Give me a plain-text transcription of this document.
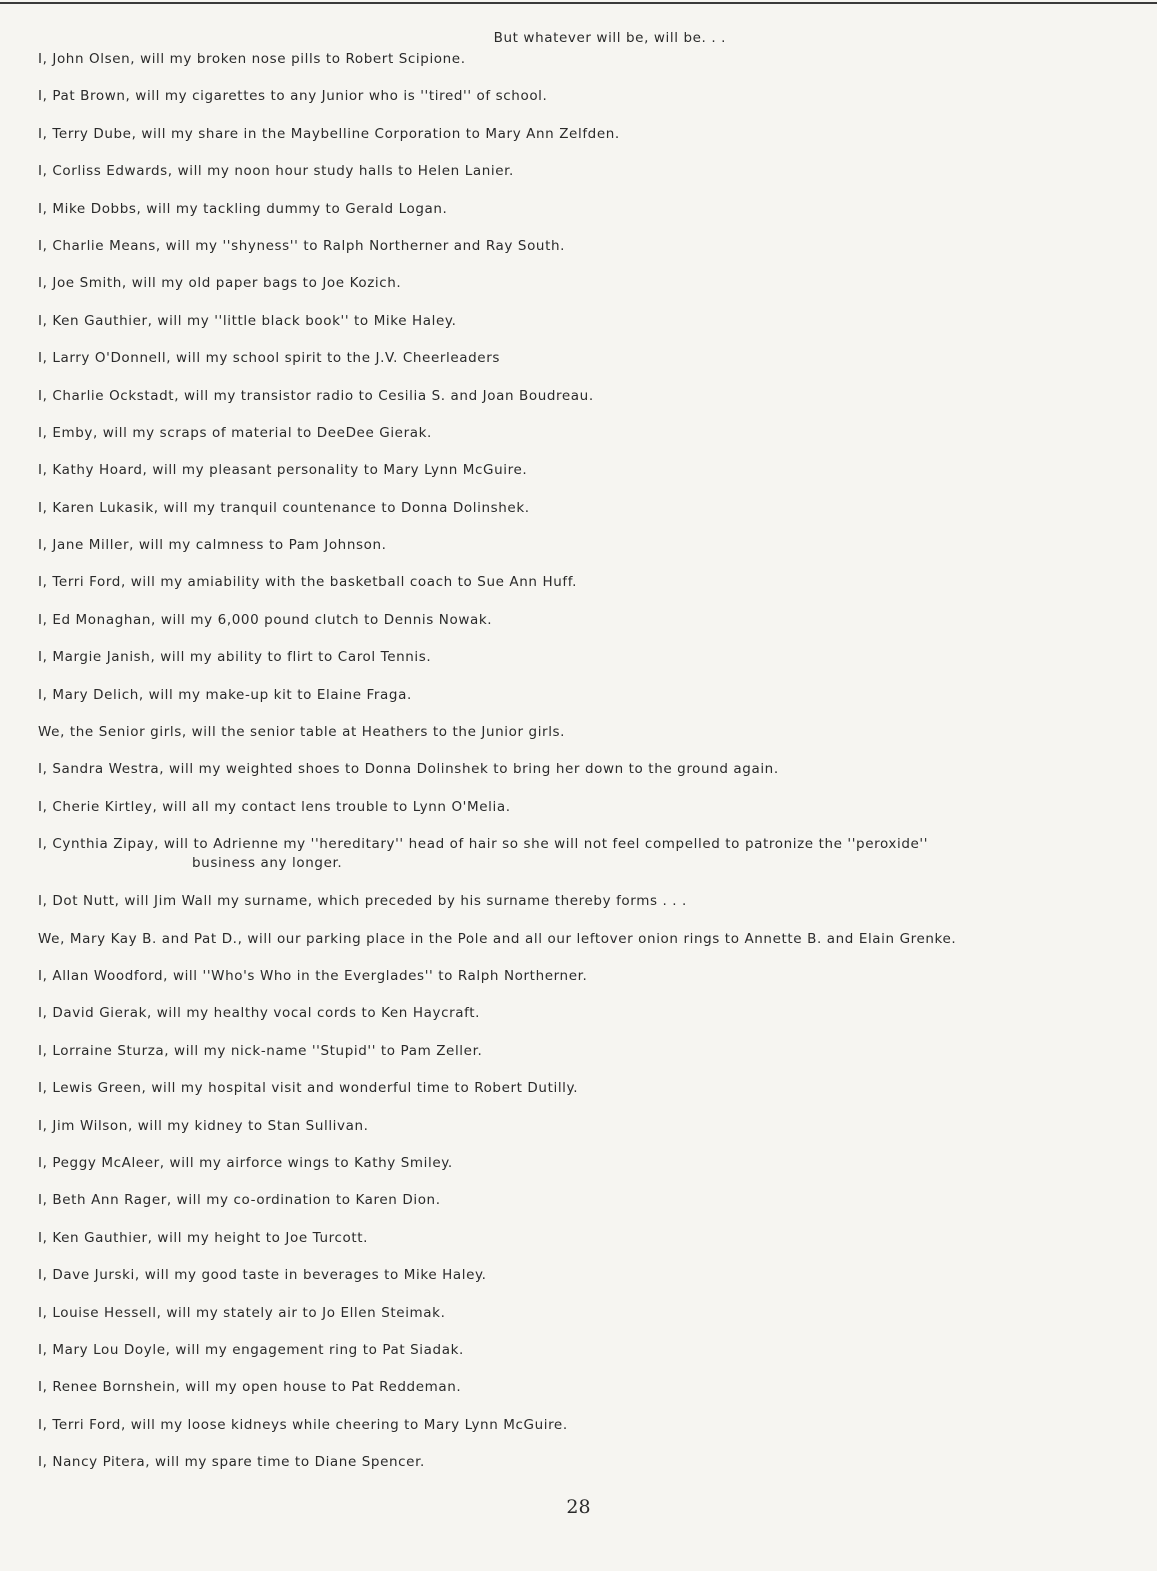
But whatever will be, will be. . .
I, John Olsen, will my broken nose pills to Robert Scipione.
I, Pat Brown, will my cigarettes to any Junior who is ''tired'' of school.
I, Terry Dube, will my share in the Maybelline Corporation to Mary Ann Zelfden.
I, Corliss Edwards, will my noon hour study halls to Helen Lanier.
I, Mike Dobbs, will my tackling dummy to Gerald Logan.
I, Charlie Means, will my ''shyness'' to Ralph Northerner and Ray South.
I, Joe Smith, will my old paper bags to Joe Kozich.
I, Ken Gauthier, will my ''little black book'' to Mike Haley.
I, Larry O'Donnell, will my school spirit to the J.V. Cheerleaders
I, Charlie Ockstadt, will my transistor radio to Cesilia S. and Joan Boudreau.
I, Emby, will my scraps of material to DeeDee Gierak.
I, Kathy Hoard, will my pleasant personality to Mary Lynn McGuire.
I, Karen Lukasik, will my tranquil countenance to Donna Dolinshek.
I, Jane Miller, will my calmness to Pam Johnson.
I, Terri Ford, will my amiability with the basketball coach to Sue Ann Huff.
I, Ed Monaghan, will my 6,000 pound clutch to Dennis Nowak.
I, Margie Janish, will my ability to flirt to Carol Tennis.
I, Mary Delich, will my make-up kit to Elaine Fraga.
We, the Senior girls, will the senior table at Heathers to the Junior girls.
I, Sandra Westra, will my weighted shoes to Donna Dolinshek to bring her down to the ground again.
I, Cherie Kirtley, will all my contact lens trouble to Lynn O'Melia.
I, Cynthia Zipay, will to Adrienne my ''hereditary'' head of hair so she will not feel compelled to patronize the ''peroxide''
business any longer.
I, Dot Nutt, will Jim Wall my surname, which preceded by his surname thereby forms . . .
We, Mary Kay B. and Pat D., will our parking place in the Pole and all our leftover onion rings to Annette B. and Elain Grenke.
I, Allan Woodford, will ''Who's Who in the Everglades'' to Ralph Northerner.
I, David Gierak, will my healthy vocal cords to Ken Haycraft.
I, Lorraine Sturza, will my nick-name ''Stupid'' to Pam Zeller.
I, Lewis Green, will my hospital visit and wonderful time to Robert Dutilly.
I, Jim Wilson, will my kidney to Stan Sullivan.
I, Peggy McAleer, will my airforce wings to Kathy Smiley.
I, Beth Ann Rager, will my co-ordination to Karen Dion.
I, Ken Gauthier, will my height to Joe Turcott.
I, Dave Jurski, will my good taste in beverages to Mike Haley.
I, Louise Hessell, will my stately air to Jo Ellen Steimak.
I, Mary Lou Doyle, will my engagement ring to Pat Siadak.
I, Renee Bornshein, will my open house to Pat Reddeman.
I, Terri Ford, will my loose kidneys while cheering to Mary Lynn McGuire.
I, Nancy Pitera, will my spare time to Diane Spencer.
28
